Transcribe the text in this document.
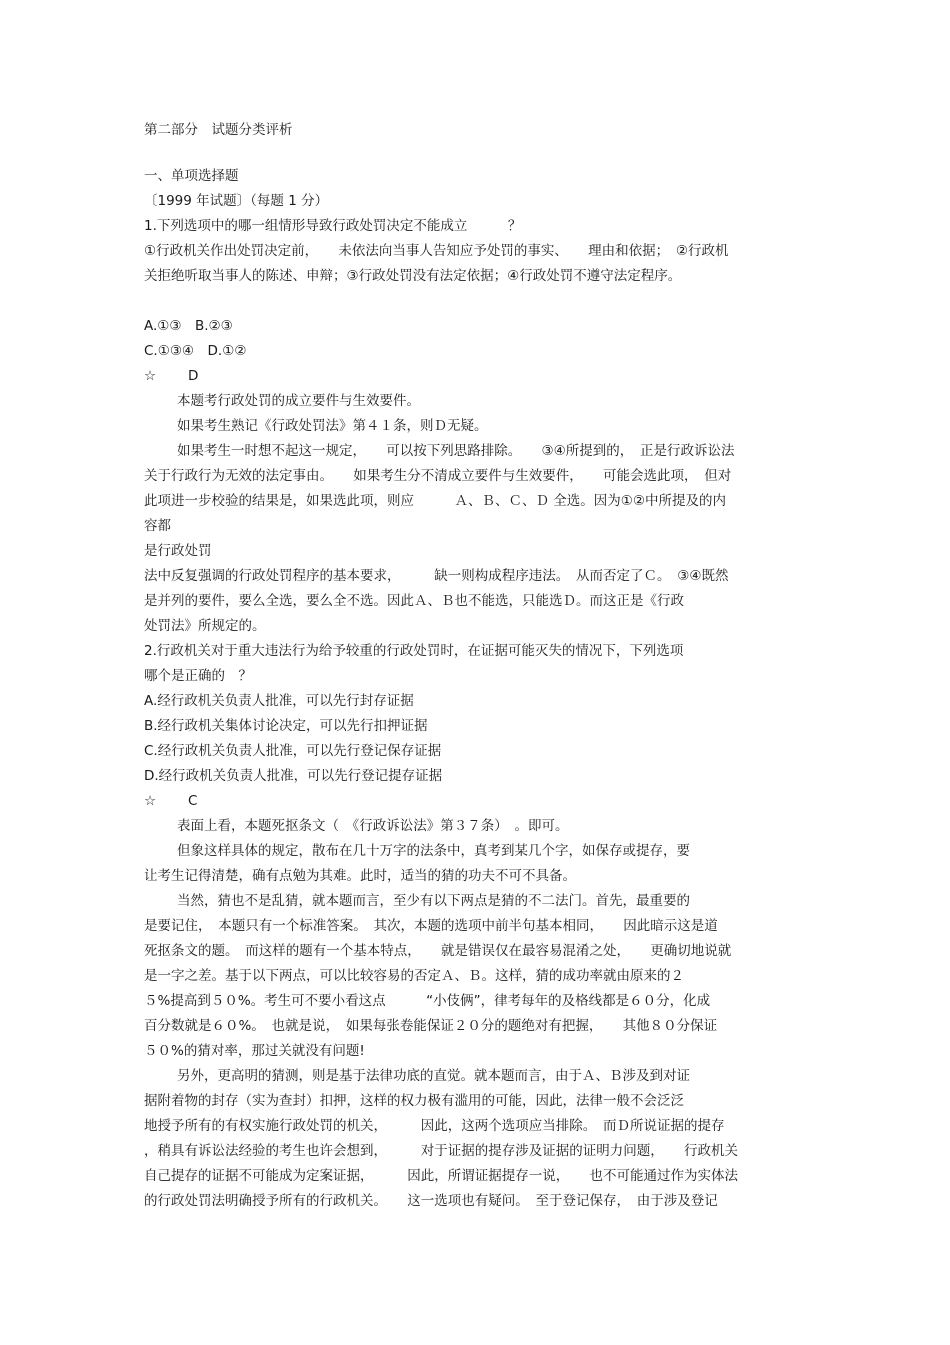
第二部分　试题分类评析
一、单项选择题
〔1999 年试题〕（每题 1 分）
1.下列选项中的哪一组情形导致行政处罚决定不能成立　　　？
①行政机关作出处罚决定前，　　未依法向当事人告知应予处罚的事实、　　理由和依据；　②行政机
关拒绝听取当事人的陈述、申辩；③行政处罚没有法定依据；④行政处罚不遵守法定程序。
A.①③　B.②③
C.①③④　D.①②
☆ D
本题考行政处罚的成立要件与生效要件。
如果考生熟记《行政处罚法》第４１条，则Ｄ无疑。
如果考生一时想不起这一规定，　　可以按下列思路排除。　　③④所提到的，　正是行政诉讼法
关于行政行为无效的法定事由。　　如果考生分不清成立要件与生效要件，　　可能会选此项，　但对
此项进一步校验的结果是，如果选此项，则应　　　Ａ、Ｂ、Ｃ、Ｄ 全选。因为①②中所提及的内
容都
是行政处罚
法中反复强调的行政处罚程序的基本要求，　　　缺一则构成程序违法。　从而否定了Ｃ。　③④既然
是并列的要件，要么全选，要么全不选。因此Ａ、Ｂ也不能选，只能选Ｄ。而这正是《行政
处罚法》所规定的。
2.行政机关对于重大违法行为给予较重的行政处罚时，在证据可能灭失的情况下，下列选项
哪个是正确的　？
A.经行政机关负责人批准，可以先行封存证据
B.经行政机关集体讨论决定，可以先行扣押证据
C.经行政机关负责人批准，可以先行登记保存证据
D.经行政机关负责人批准，可以先行登记提存证据
☆ C
表面上看，本题死抠条文（　《行政诉讼法》第３７条）　。即可。
但象这样具体的规定，散布在几十万字的法条中，真考到某几个字，如保存或提存，要
让考生记得清楚，确有点勉为其难。此时，适当的猜的功夫不可不具备。
当然，猜也不是乱猜，就本题而言，至少有以下两点是猜的不二法门。首先，最重要的
是要记住，　本题只有一个标准答案。　其次，本题的选项中前半句基本相同，　　因此暗示这是道
死抠条文的题。　而这样的题有一个基本特点，　　就是错误仅在最容易混淆之处，　　更确切地说就
是一字之差。基于以下两点，可以比较容易的否定Ａ、Ｂ。这样，猜的成功率就由原来的２
５%提高到５０%。考生可不要小看这点　　　“小伎俩”，律考每年的及格线都是６０分，化成
百分数就是６０%。　也就是说，　如果每张卷能保证２０分的题绝对有把握，　　其他８０分保证
５０%的猜对率，那过关就没有问题!
另外，更高明的猜测，则是基于法律功底的直觉。就本题而言，由于Ａ、Ｂ涉及到对证
据附着物的封存（实为查封）扣押，这样的权力极有滥用的可能，因此，法律一般不会泛泛
地授予所有的有权实施行政处罚的机关，　　　因此，这两个选项应当排除。　而Ｄ所说证据的提存
，稍具有诉讼法经验的考生也许会想到，　　　对于证据的提存涉及证据的证明力问题，　　行政机关
自己提存的证据不可能成为定案证据，　　　因此，所谓证据提存一说，　　也不可能通过作为实体法
的行政处罚法明确授予所有的行政机关。　　这一选项也有疑问。　至于登记保存，　由于涉及登记
